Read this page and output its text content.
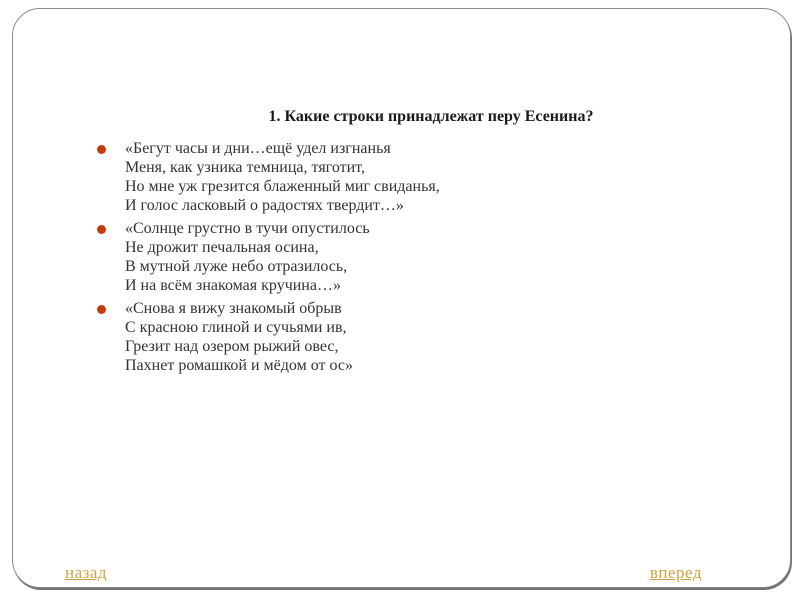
1. Какие строки принадлежат перу Есенина?
«Бегут часы и дни…ещё удел изгнанья
Меня, как узника темница, тяготит,
Но мне уж грезится блаженный миг свиданья,
И голос ласковый о радостях твердит…»
«Солнце грустно в тучи опустилось
Не дрожит печальная осина,
В мутной луже небо отразилось,
И на всём знакомая кручина…»
«Снова я вижу знакомый обрыв
С красною глиной и сучьями ив,
Грезит над озером рыжий овес,
Пахнет ромашкой и мёдом от ос»
назад	вперед
